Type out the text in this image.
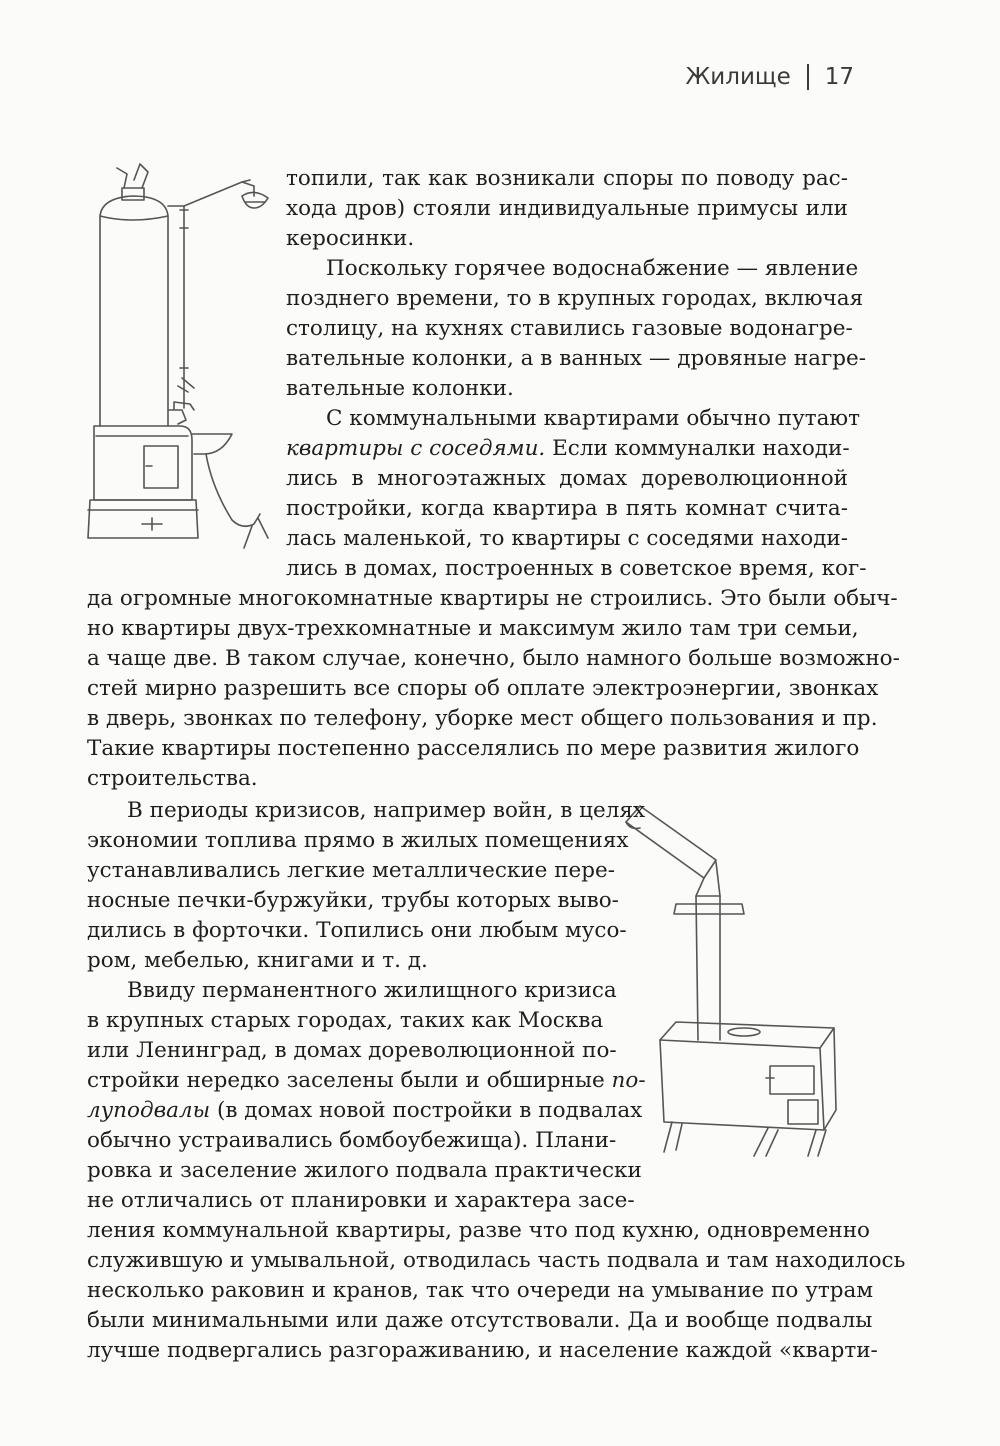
Жилище 17
топили, так как возникали споры по поводу рас-
хода дров) стояли индивидуальные примусы или
керосинки.
Поскольку горячее водоснабжение — явление
позднего времени, то в крупных городах, включая
столицу, на кухнях ставились газовые водонагре-
вательные колонки, а в ванных — дровяные нагре-
вательные колонки.
С коммунальными квартирами обычно путают
квартиры с соседями. Если коммуналки находи-
лись в многоэтажных домах дореволюционной
постройки, когда квартира в пять комнат счита-
лась маленькой, то квартиры с соседями находи-
лись в домах, построенных в советское время, ког-
да огромные многокомнатные квартиры не строились. Это были обыч-
но квартиры двух-трехкомнатные и максимум жило там три семьи,
а чаще две. В таком случае, конечно, было намного больше возможно-
стей мирно разрешить все споры об оплате электроэнергии, звонках
в дверь, звонках по телефону, уборке мест общего пользования и пр.
Такие квартиры постепенно расселялись по мере развития жилого
строительства.
В периоды кризисов, например войн, в целях
экономии топлива прямо в жилых помещениях
устанавливались легкие металлические пере-
носные печки-буржуйки, трубы которых выво-
дились в форточки. Топились они любым мусо-
ром, мебелью, книгами и т. д.
Ввиду перманентного жилищного кризиса
в крупных старых городах, таких как Москва
или Ленинград, в домах дореволюционной по-
стройки нередко заселены были и обширные по-
луподвалы (в домах новой постройки в подвалах
обычно устраивались бомбоубежища). Плани-
ровка и заселение жилого подвала практически
не отличались от планировки и характера засе-
ления коммунальной квартиры, разве что под кухню, одновременно
служившую и умывальной, отводилась часть подвала и там находилось
несколько раковин и кранов, так что очереди на умывание по утрам
были минимальными или даже отсутствовали. Да и вообще подвалы
лучше подвергались разгораживанию, и население каждой «кварти-
